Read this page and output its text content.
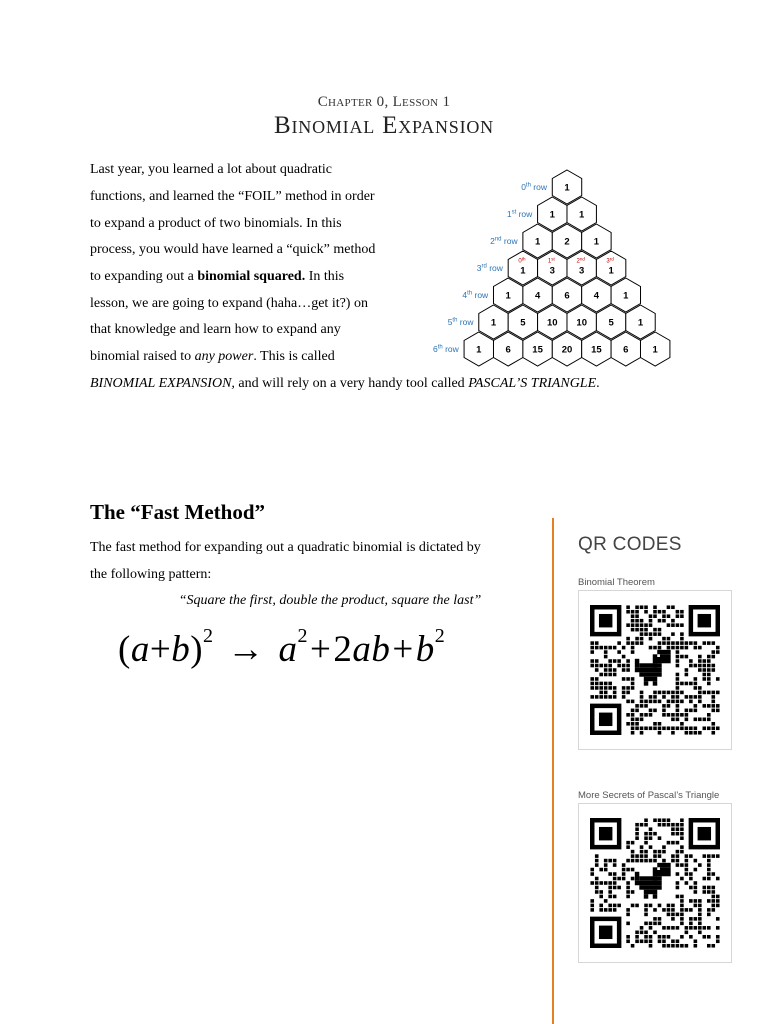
Chapter 0, Lesson 1
Binomial Expansion
Last year, you learned a lot about quadratic
functions, and learned the “FOIL” method in order
to expand a product of two binomials. In this
process, you would have learned a “quick” method
to expanding out a binomial squared. In this
lesson, we are going to expand (haha…get it?) on
that knowledge and learn how to expand any
binomial raised to any power. This is called
BINOMIAL EXPANSION, and will rely on a very handy tool called PASCAL’S TRIANGLE.
1
0th row
1	1
1st row
1	2	1
2nd row
1
0th
3
1st
3
2nd
1
3rd
3rd row
1	4	6	4	1
4th row
1	5 10 10 5	1
5th row
1	6 15 20 15 6	1
6th row
The “Fast Method”
The fast method for expanding out a quadratic binomial is dictated by
the following pattern:
“Square the first, double the product, square the last”
$(a+b)^2 \to a^2+2ab+b^2$
QR CODES
Binomial Theorem
More Secrets of Pascal’s Triangle
